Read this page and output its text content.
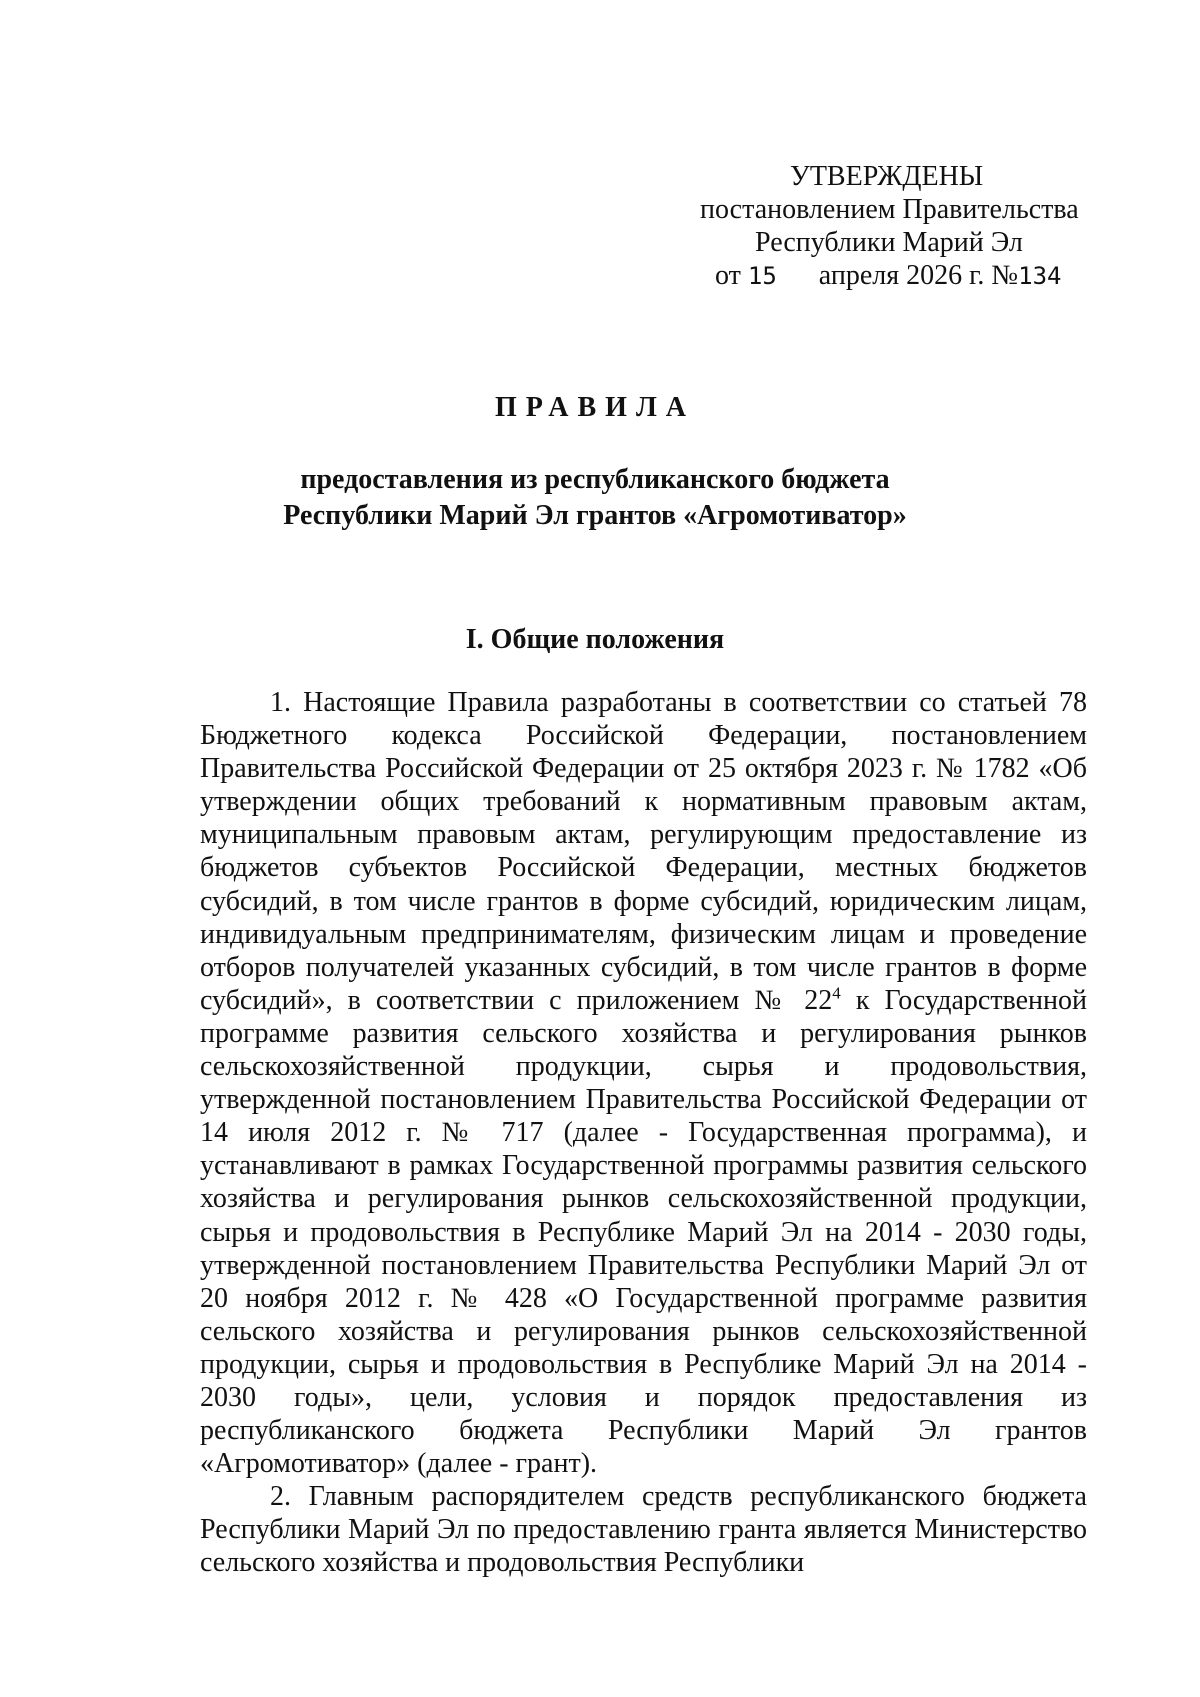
УТВЕРЖДЕНЫ
постановлением Правительства
Республики Марий Эл
от 15 апреля 2026 г. №134
ПРАВИЛА
предоставления из республиканского бюджета
Республики Марий Эл грантов «Агромотиватор»
I. Общие положения

1. Настоящие Правила разработаны в соответствии со статьей 78 Бюджетного кодекса Российской Федерации, постановлением Правительства Российской Федерации от 25 октября 2023 г. № 1782 «Об утверждении общих требований к нормативным правовым актам, муниципальным правовым актам, регулирующим предоставление из бюджетов субъектов Российской Федерации, местных бюджетов субсидий, в том числе грантов в форме субсидий, юридическим лицам, индивидуальным предпринимателям, физическим лицам и проведение отборов получателей указанных субсидий, в том числе грантов в форме субсидий», в соответствии с приложением № $22^4$ к Государственной программе развития сельского хозяйства и регулирования рынков сельскохозяйственной продукции, сырья и продовольствия, утвержденной постановлением Правительства Российской Федерации от 14 июля 2012 г. № 717 (далее - Государственная программа), и устанавливают в рамках Государственной программы развития сельского хозяйства и регулирования рынков сельскохозяйственной продукции, сырья и продовольствия в Республике Марий Эл на 2014 - 2030 годы, утвержденной постановлением Правительства Республики Марий Эл от 20 ноября 2012 г. № 428 «О Государственной программе развития сельского хозяйства и регулирования рынков сельскохозяйственной продукции, сырья и продовольствия в Республике Марий Эл на 2014 - 2030 годы», цели, условия и порядок предоставления из республиканского бюджета Республики Марий Эл грантов «Агромотиватор» (далее - грант).

2. Главным распорядителем средств республиканского бюджета Республики Марий Эл по предоставлению гранта является Министерство сельского хозяйства и продовольствия Республики
